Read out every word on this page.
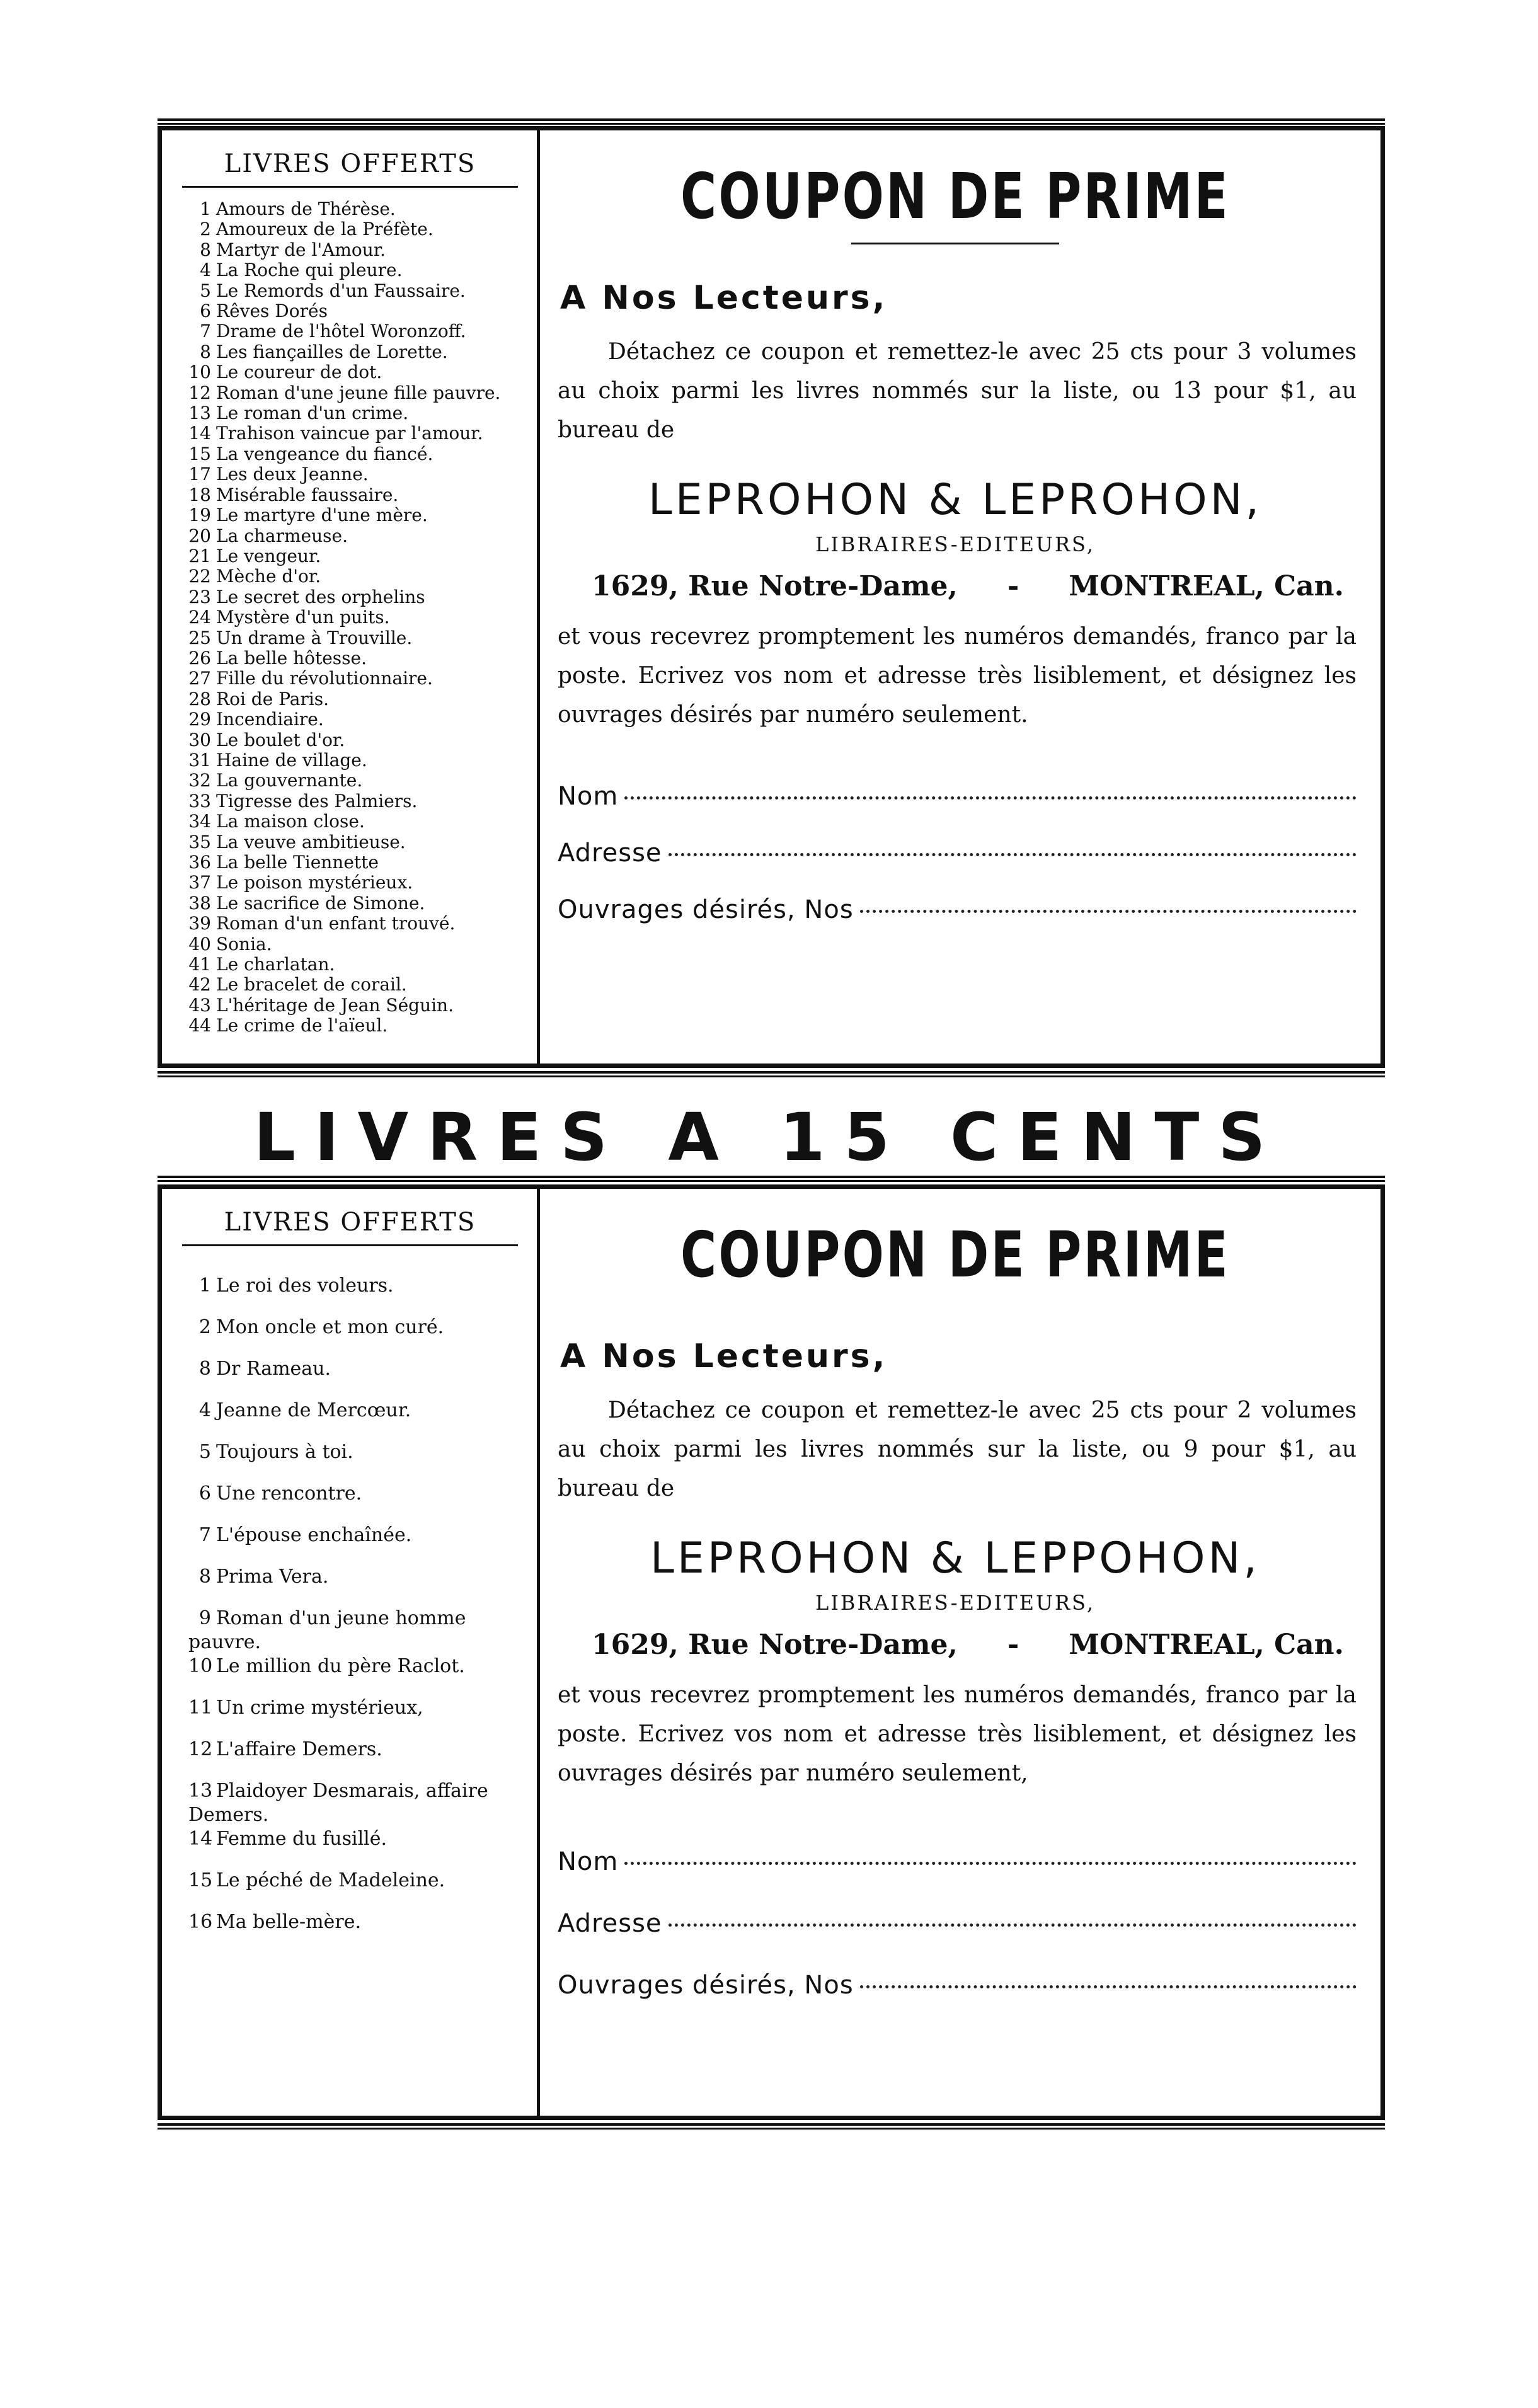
LIVRES OFFERTS
1 Amours de Thérèse.
2 Amoureux de la Préfète.
8 Martyr de l'Amour.
4 La Roche qui pleure.
5 Le Remords d'un Faussaire.
6 Rêves Dorés
7 Drame de l'hôtel Woronzoff.
8 Les fiançailles de Lorette.
10 Le coureur de dot.
12 Roman d'une jeune fille pauvre.
13 Le roman d'un crime.
14 Trahison vaincue par l'amour.
15 La vengeance du fiancé.
17 Les deux Jeanne.
18 Misérable faussaire.
19 Le martyre d'une mère.
20 La charmeuse.
21 Le vengeur.
22 Mèche d'or.
23 Le secret des orphelins
24 Mystère d'un puits.
25 Un drame à Trouville.
26 La belle hôtesse.
27 Fille du révolutionnaire.
28 Roi de Paris.
29 Incendiaire.
30 Le boulet d'or.
31 Haine de village.
32 La gouvernante.
33 Tigresse des Palmiers.
34 La maison close.
35 La veuve ambitieuse.
36 La belle Tiennette
37 Le poison mystérieux.
38 Le sacrifice de Simone.
39 Roman d'un enfant trouvé.
40 Sonia.
41 Le charlatan.
42 Le bracelet de corail.
43 L'héritage de Jean Séguin.
44 Le crime de l'aïeul.
COUPON DE PRIME
A Nos Lecteurs,

Détachez ce coupon et remettez-le avec 25 cts pour 3 volumes au choix parmi les livres nommés sur la liste, ou 13 pour $1, au bureau de

LEPROHON & LEPROHON,
LIBRAIRES-EDITEURS,
1629, Rue Notre-Dame, - MONTREAL, Can.

et vous recevrez promptement les numéros demandés, franco par la poste. Ecrivez vos nom et adresse très lisiblement, et désignez les ouvrages désirés par numéro seulement.

Nom
Adresse
Ouvrages désirés, Nos
LIVRES A 15 CENTS
LIVRES OFFERTS
1 Le roi des voleurs.
2 Mon oncle et mon curé.
8 Dr Rameau.
4 Jeanne de Mercœur.
5 Toujours à toi.
6 Une rencontre.
7 L'épouse enchaînée.
8 Prima Vera.
9 Roman d'un jeune homme pauvre.
10 Le million du père Raclot.
11 Un crime mystérieux,
12 L'affaire Demers.
13 Plaidoyer Desmarais, affaire Demers.
14 Femme du fusillé.
15 Le péché de Madeleine.
16 Ma belle-mère.
COUPON DE PRIME
A Nos Lecteurs,

Détachez ce coupon et remettez-le avec 25 cts pour 2 volumes au choix parmi les livres nommés sur la liste, ou 9 pour $1, au bureau de

LEPROHON & LEPPOHON,
LIBRAIRES-EDITEURS,
1629, Rue Notre-Dame, - MONTREAL, Can.

et vous recevrez promptement les numéros demandés, franco par la poste. Ecrivez vos nom et adresse très lisiblement, et désignez les ouvrages désirés par numéro seulement,

Nom
Adresse
Ouvrages désirés, Nos
